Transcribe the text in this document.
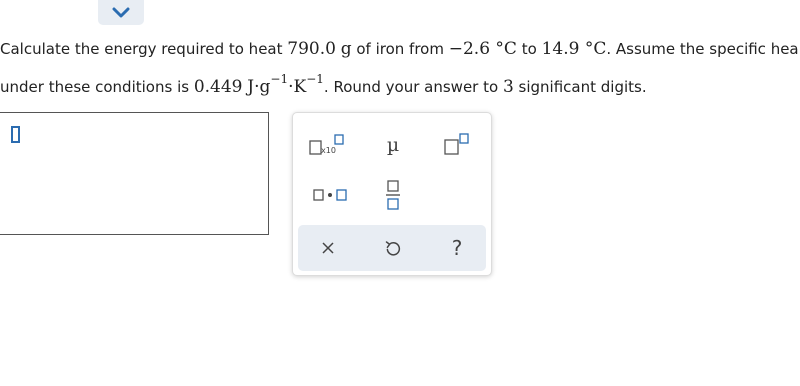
Calculate the energy required to heat 790.0 g of iron from −2.6 °C to 14.9 °C. Assume the specific hea
under these conditions is 0.449 $J\cdot g^{-1}\cdot K^{-1}$. Round your answer to 3 significant digits.
x10	µ
?
